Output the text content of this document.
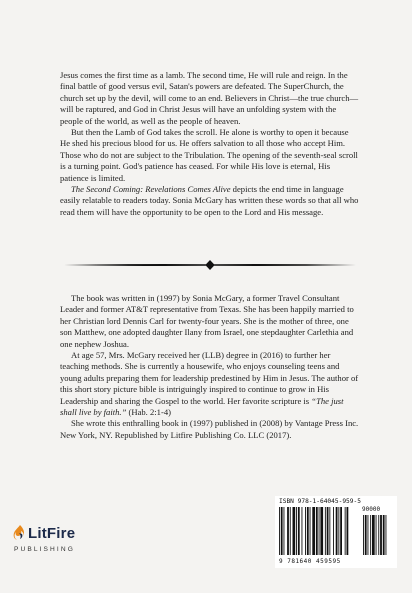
Jesus comes the first time as a lamb. The second time, He will rule and reign. In the final battle of good versus evil, Satan's powers are defeated. The SuperChurch, the church set up by the devil, will come to an end. Believers in Christ—the true church—will be raptured, and God in Christ Jesus will have an unfolding system with the people of the world, as well as the people of heaven.

But then the Lamb of God takes the scroll. He alone is worthy to open it because He shed his precious blood for us. He offers salvation to all those who accept Him. Those who do not are subject to the Tribulation. The opening of the seventh-seal scroll is a turning point. God's patience has ceased. For while His love is eternal, His patience is limited.

The Second Coming: Revelations Comes Alive depicts the end time in language easily relatable to readers today. Sonia McGary has written these words so that all who read them will have the opportunity to be open to the Lord and His message.

The book was written in (1997) by Sonia McGary, a former Travel Consultant Leader and former AT&T representative from Texas. She has been happily married to her Christian lord Dennis Carl for twenty-four years. She is the mother of three, one son Matthew, one adopted daughter Ilany from Israel, one stepdaughter Carlethia and one nephew Joshua.

At age 57, Mrs. McGary received her (LLB) degree in (2016) to further her teaching methods. She is currently a housewife, who enjoys counseling teens and young adults preparing them for leadership predestined by Him in Jesus. The author of this short story picture bible is intriguingly inspired to continue to grow in His Leadership and sharing the Gospel to the world. Her favorite scripture is “The just shall live by faith.” (Hab. 2:1-4)

She wrote this enthralling book in (1997) published in (2008) by Vantage Press Inc. New York, NY. Republished by Litfire Publishing Co. LLC (2017).

LitFire
PUBLISHING
ISBN 978-1-64045-959-5
90000
9 781640 459595
